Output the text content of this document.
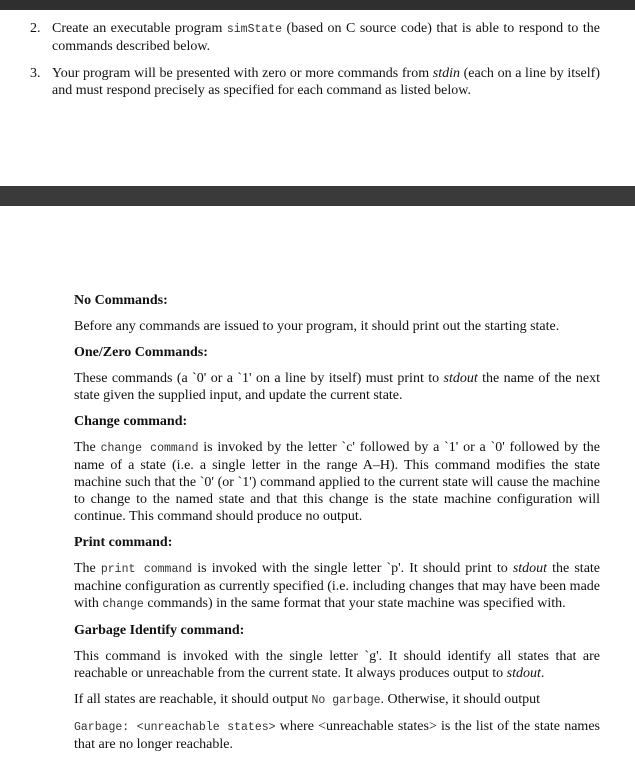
2. Create an executable program simState (based on C source code) that is able to respond to the commands described below.
3. Your program will be presented with zero or more commands from stdin (each on a line by itself) and must respond precisely as specified for each command as listed below.
No Commands:

Before any commands are issued to your program, it should print out the starting state.

One/Zero Commands:

These commands (a `0' or a `1' on a line by itself) must print to stdout the name of the next state given the supplied input, and update the current state.

Change command:

The change command is invoked by the letter `c' followed by a `1' or a `0' followed by the name of a state (i.e. a single letter in the range A–H). This command modifies the state machine such that the `0' (or `1') command applied to the current state will cause the machine to change to the named state and that this change is the state machine configuration will continue. This command should produce no output.

Print command:

The print command is invoked with the single letter `p'. It should print to stdout the state machine configuration as currently specified (i.e. including changes that may have been made with change commands) in the same format that your state machine was specified with.

Garbage Identify command:

This command is invoked with the single letter `g'. It should identify all states that are reachable or unreachable from the current state. It always produces output to stdout.

If all states are reachable, it should output No garbage. Otherwise, it should output

Garbage: <unreachable states> where <unreachable states> is the list of the state names that are no longer reachable.
